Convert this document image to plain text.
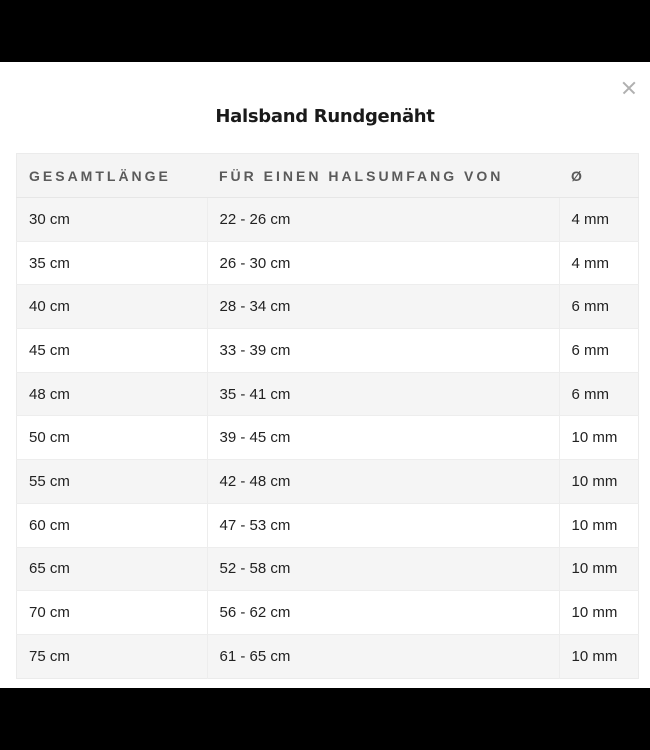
Halsband Rundgenäht
GESAMTLÄNGE	FÜR EINEN HALSUMFANG VON	Ø
30 cm	22 - 26 cm	4 mm
35 cm	26 - 30 cm	4 mm
40 cm	28 - 34 cm	6 mm
45 cm	33 - 39 cm	6 mm
48 cm	35 - 41 cm	6 mm
50 cm	39 - 45 cm	10 mm
55 cm	42 - 48 cm	10 mm
60 cm	47 - 53 cm	10 mm
65 cm	52 - 58 cm	10 mm
70 cm	56 - 62 cm	10 mm
75 cm	61 - 65 cm	10 mm
